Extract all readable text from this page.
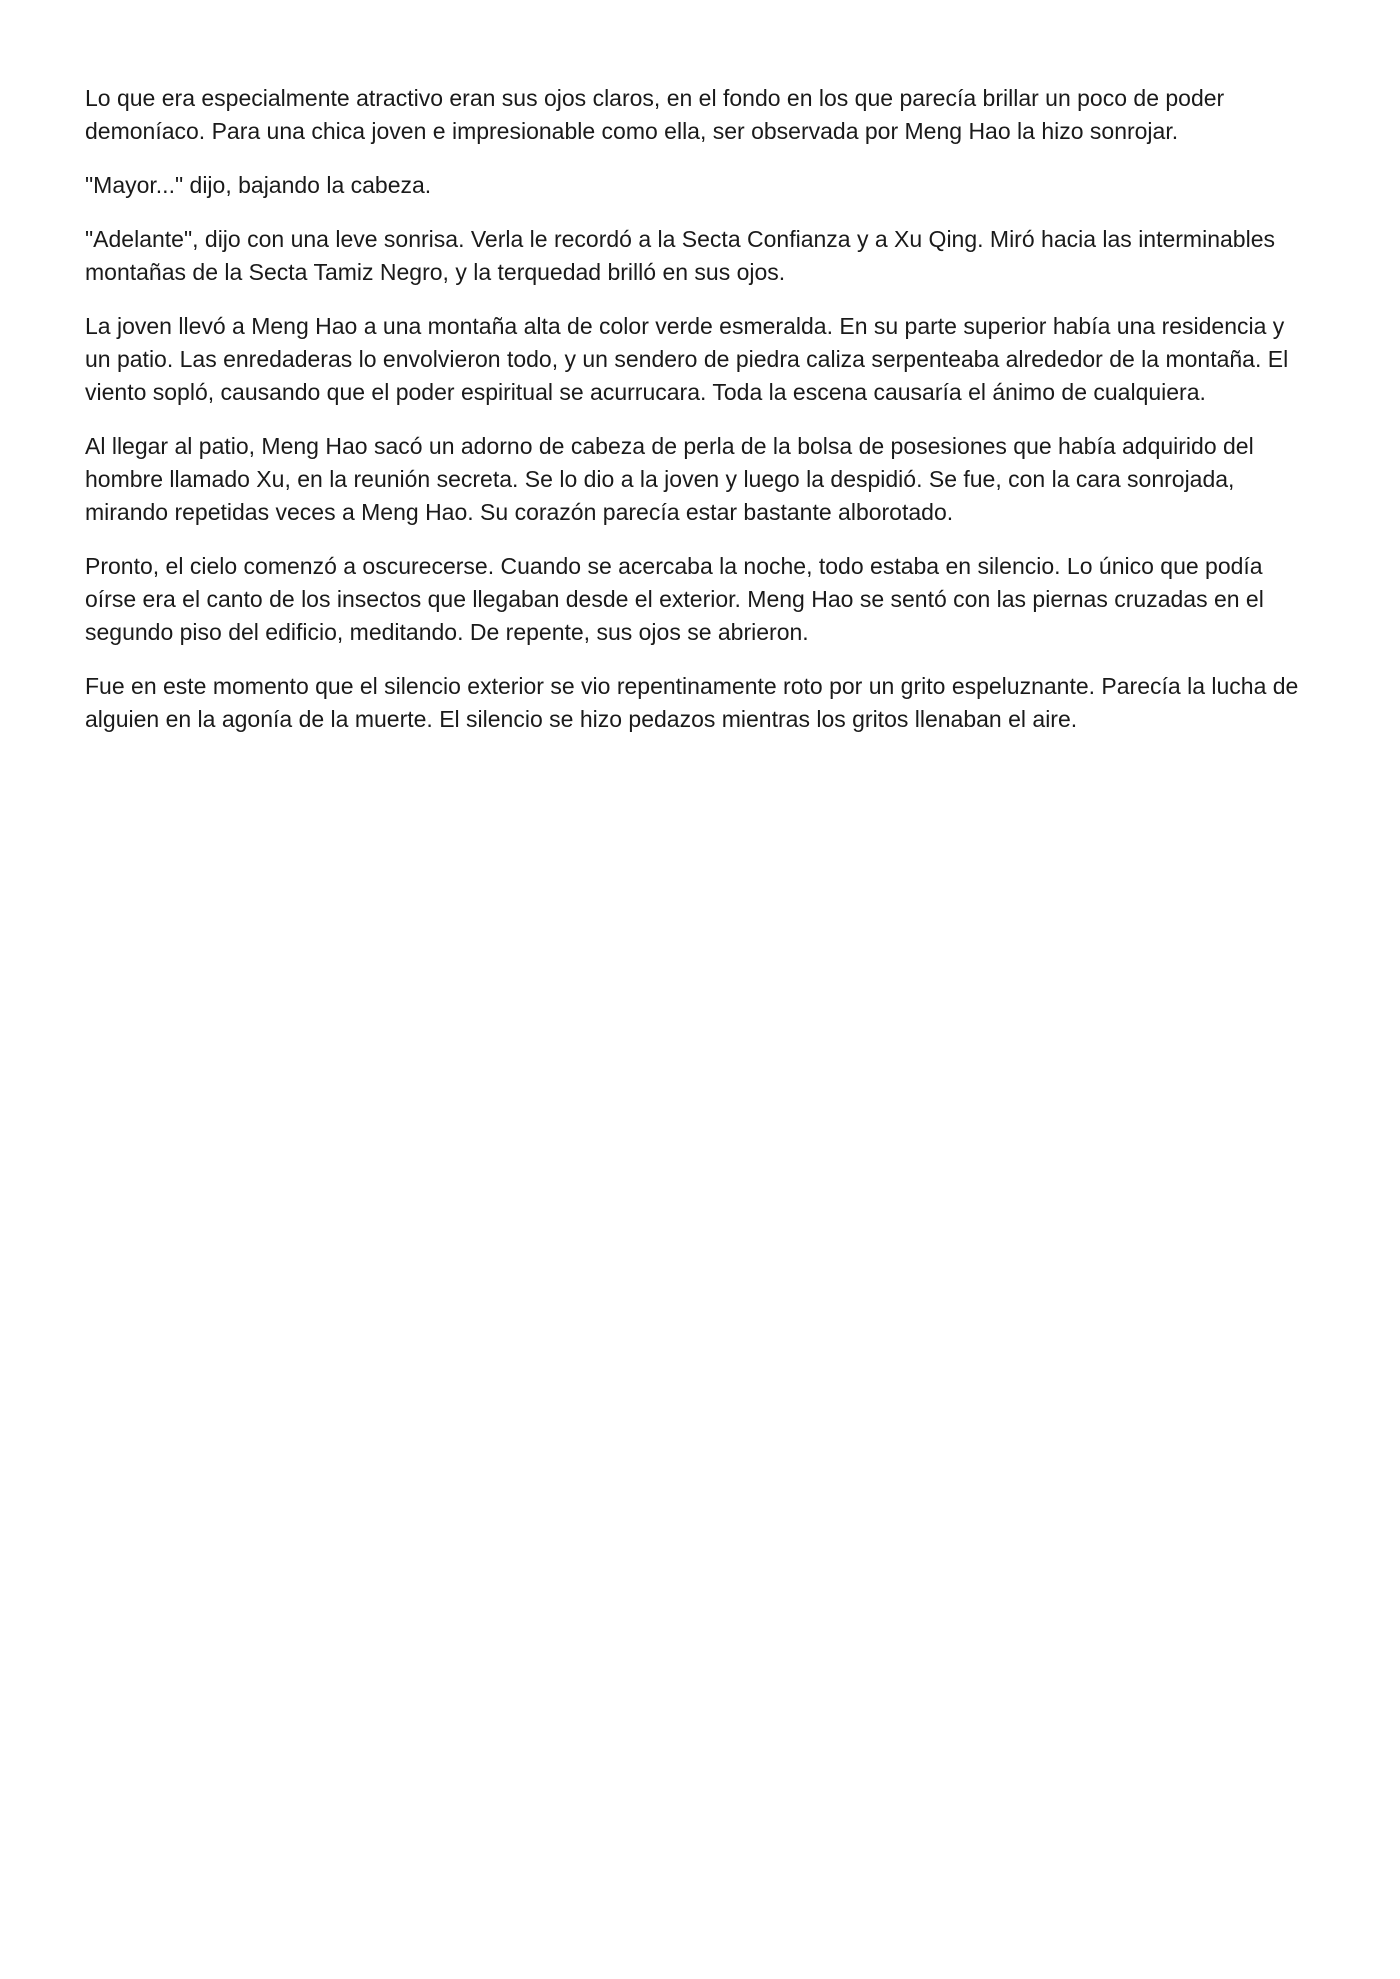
Lo que era especialmente atractivo eran sus ojos claros, en el fondo en los que parecía brillar un poco de poder demoníaco. Para una chica joven e impresionable como ella, ser observada por Meng Hao la hizo sonrojar.

"Mayor..." dijo, bajando la cabeza.

"Adelante", dijo con una leve sonrisa. Verla le recordó a la Secta Confianza y a Xu Qing. Miró hacia las interminables montañas de la Secta Tamiz Negro, y la terquedad brilló en sus ojos.

La joven llevó a Meng Hao a una montaña alta de color verde esmeralda. En su parte superior había una residencia y un patio. Las enredaderas lo envolvieron todo, y un sendero de piedra caliza serpenteaba alrededor de la montaña. El viento sopló, causando que el poder espiritual se acurrucara. Toda la escena causaría el ánimo de cualquiera.

Al llegar al patio, Meng Hao sacó un adorno de cabeza de perla de la bolsa de posesiones que había adquirido del hombre llamado Xu, en la reunión secreta. Se lo dio a la joven y luego la despidió. Se fue, con la cara sonrojada, mirando repetidas veces a Meng Hao. Su corazón parecía estar bastante alborotado.

Pronto, el cielo comenzó a oscurecerse. Cuando se acercaba la noche, todo estaba en silencio. Lo único que podía oírse era el canto de los insectos que llegaban desde el exterior. Meng Hao se sentó con las piernas cruzadas en el segundo piso del edificio, meditando. De repente, sus ojos se abrieron.

Fue en este momento que el silencio exterior se vio repentinamente roto por un grito espeluznante. Parecía la lucha de alguien en la agonía de la muerte. El silencio se hizo pedazos mientras los gritos llenaban el aire.
